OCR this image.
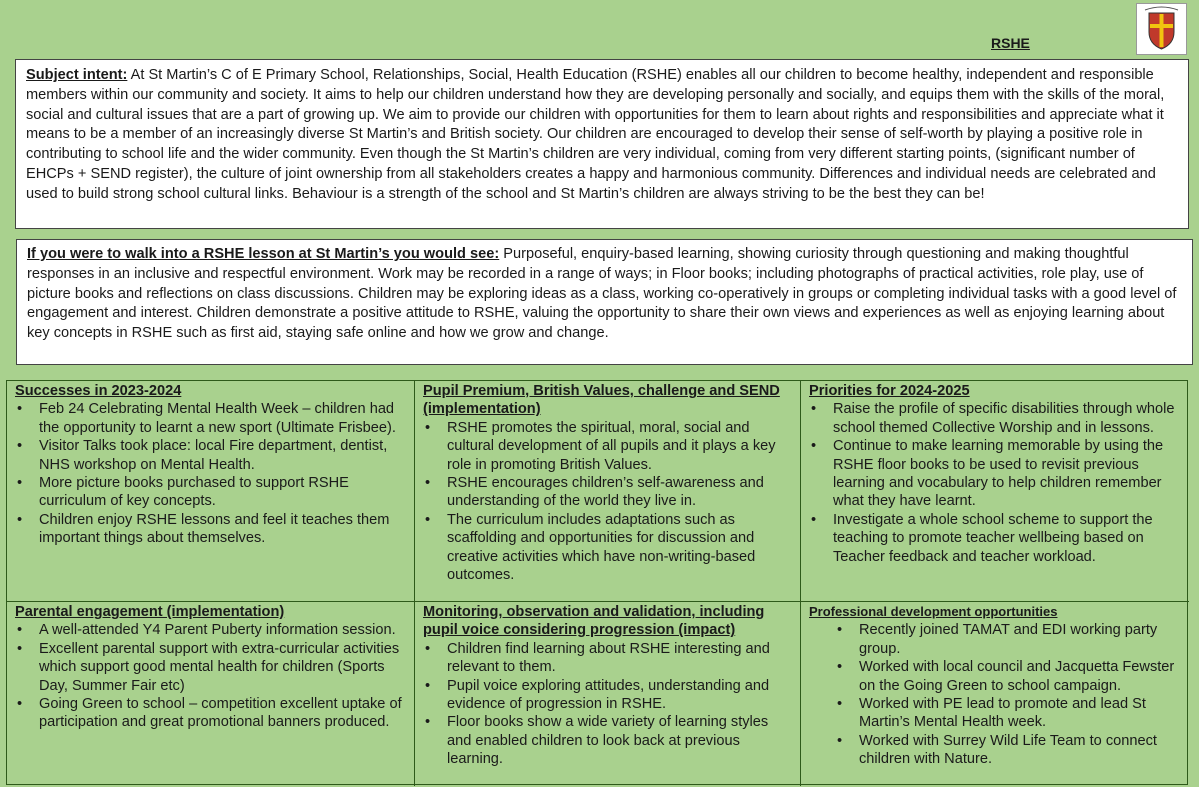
RSHE
Subject intent: At St Martin’s C of E Primary School, Relationships, Social, Health Education (RSHE) enables all our children to become healthy, independent and responsible members within our community and society. It aims to help our children understand how they are developing personally and socially, and equips them with the skills of the moral, social and cultural issues that are a part of growing up. We aim to provide our children with opportunities for them to learn about rights and responsibilities and appreciate what it means to be a member of an increasingly diverse St Martin’s and British society. Our children are encouraged to develop their sense of self-worth by playing a positive role in contributing to school life and the wider community. Even though the St Martin’s children are very individual, coming from very different starting points, (significant number of EHCPs + SEND register), the culture of joint ownership from all stakeholders creates a happy and harmonious community. Differences and individual needs are celebrated and used to build strong school cultural links. Behaviour is a strength of the school and St Martin’s children are always striving to be the best they can be!
If you were to walk into a RSHE lesson at St Martin’s you would see: Purposeful, enquiry-based learning, showing curiosity through questioning and making thoughtful responses in an inclusive and respectful environment. Work may be recorded in a range of ways; in Floor books; including photographs of practical activities, role play, use of picture books and reflections on class discussions. Children may be exploring ideas as a class, working co-operatively in groups or completing individual tasks with a good level of engagement and interest. Children demonstrate a positive attitude to RSHE, valuing the opportunity to share their own views and experiences as well as enjoying learning about key concepts in RSHE such as first aid, staying safe online and how we grow and change.
Successes in 2023-2024
• Feb 24 Celebrating Mental Health Week – children had the opportunity to learnt a new sport (Ultimate Frisbee).
• Visitor Talks took place: local Fire department, dentist, NHS workshop on Mental Health.
• More picture books purchased to support RSHE curriculum of key concepts.
• Children enjoy RSHE lessons and feel it teaches them important things about themselves.
Pupil Premium, British Values, challenge and SEND (implementation)
• RSHE promotes the spiritual, moral, social and cultural development of all pupils and it plays a key role in promoting British Values.
• RSHE encourages children’s self-awareness and understanding of the world they live in.
• The curriculum includes adaptations such as scaffolding and opportunities for discussion and creative activities which have non-writing-based outcomes.
Priorities for 2024-2025
• Raise the profile of specific disabilities through whole school themed Collective Worship and in lessons.
• Continue to make learning memorable by using the RSHE floor books to be used to revisit previous learning and vocabulary to help children remember what they have learnt.
• Investigate a whole school scheme to support the teaching to promote teacher wellbeing based on Teacher feedback and teacher workload.
Parental engagement (implementation)
• A well-attended Y4 Parent Puberty information session.
• Excellent parental support with extra-curricular activities which support good mental health for children (Sports Day, Summer Fair etc)
• Going Green to school – competition excellent uptake of participation and great promotional banners produced.
Monitoring, observation and validation, including pupil voice considering progression (impact)
• Children find learning about RSHE interesting and relevant to them.
• Pupil voice exploring attitudes, understanding and evidence of progression in RSHE.
• Floor books show a wide variety of learning styles and enabled children to look back at previous learning.
Professional development opportunities
• Recently joined TAMAT and EDI working party group.
• Worked with local council and Jacquetta Fewster on the Going Green to school campaign.
• Worked with PE lead to promote and lead St Martin’s Mental Health week.
• Worked with Surrey Wild Life Team to connect children with Nature.
